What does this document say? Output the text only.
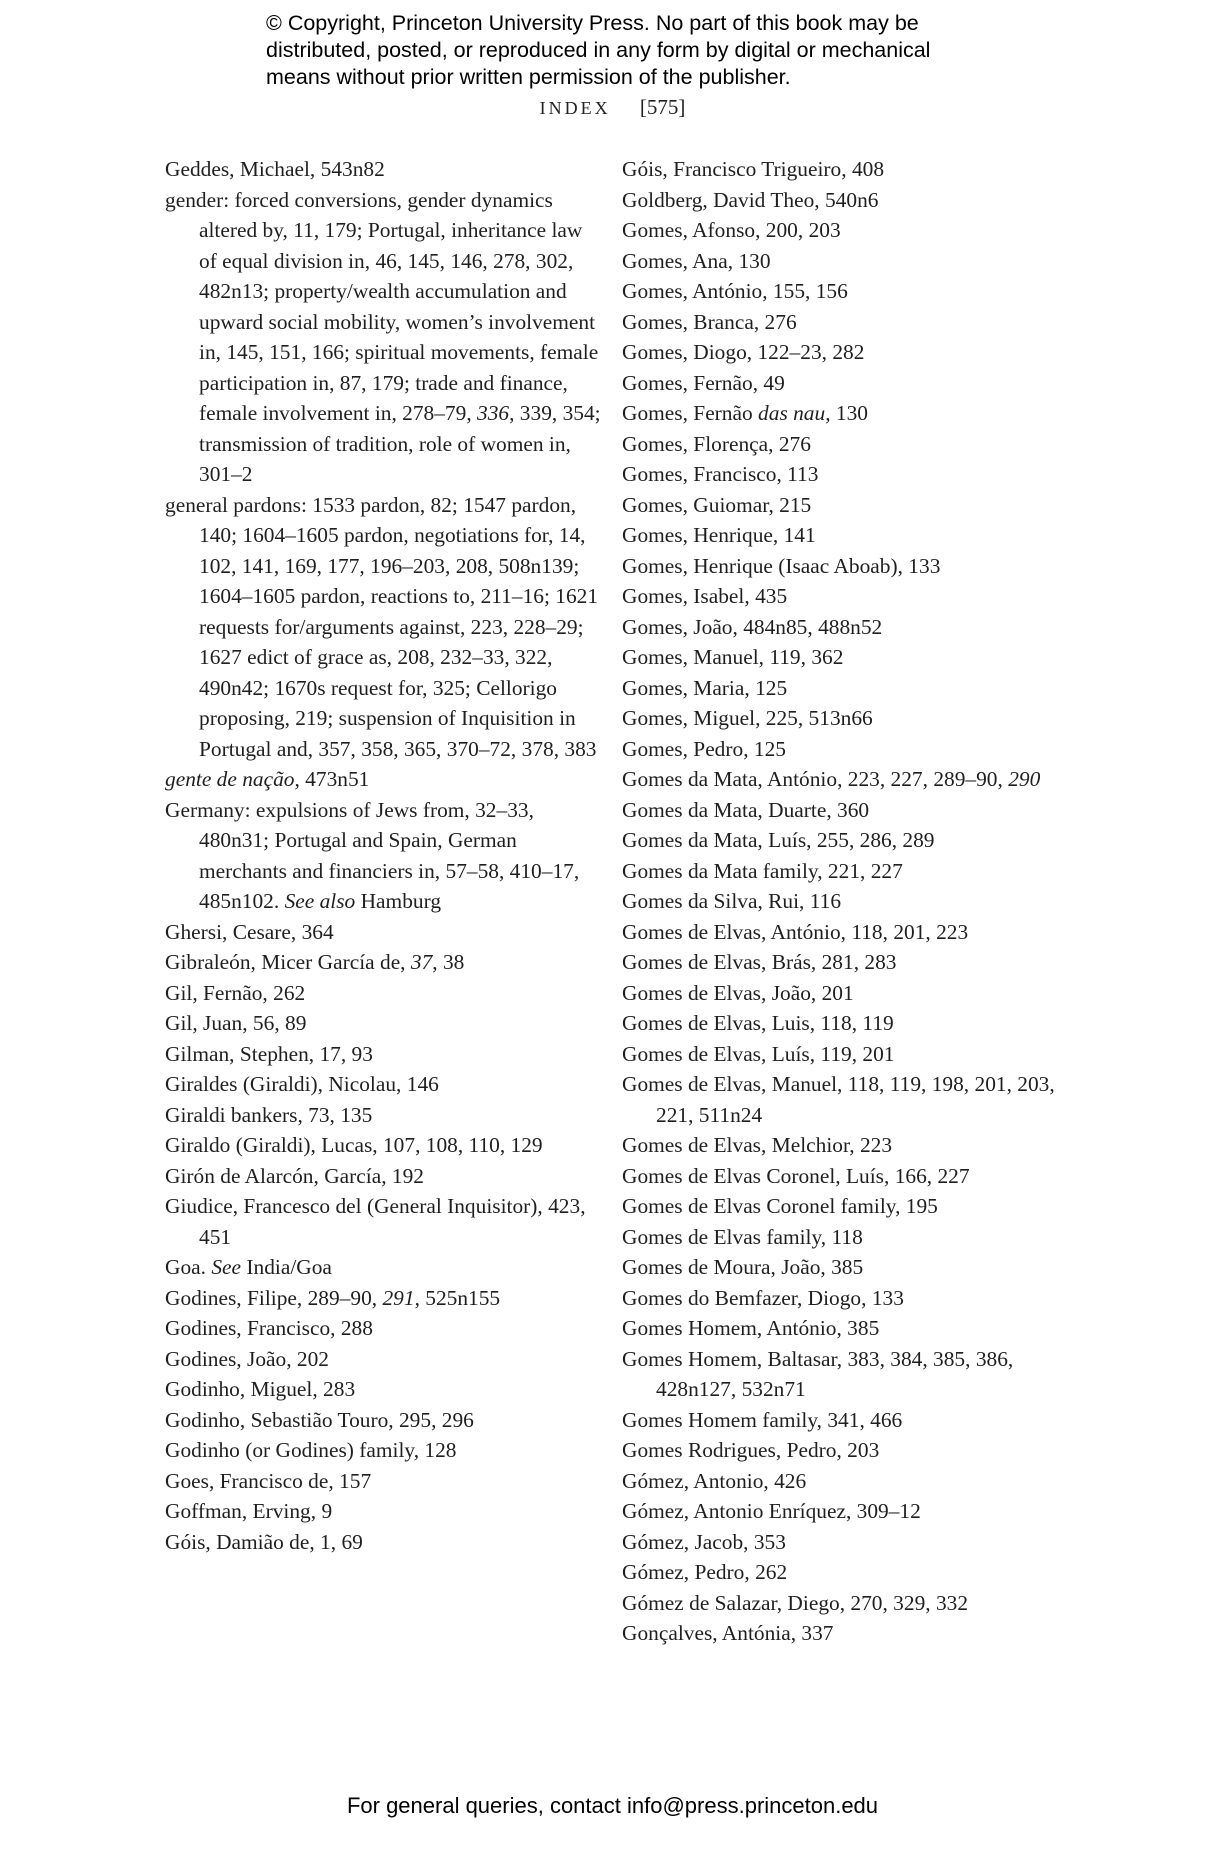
© Copyright, Princeton University Press. No part of this book may be

distributed, posted, or reproduced in any form by digital or mechanical

means without prior written permission of the publisher.

INDEX [575]

Geddes, Michael, 543n82

gender: forced conversions, gender dynamics altered by, 11, 179; Portugal, inheritance law of equal division in, 46, 145, 146, 278, 302, 482n13; property/wealth accumulation and upward social mobility, women’s involvement in, 145, 151, 166; spiritual movements, female participation in, 87, 179; trade and finance, female involvement in, 278–79, 336, 339, 354; transmission of tradition, role of women in, 301–2

general pardons: 1533 pardon, 82; 1547 pardon, 140; 1604–1605 pardon, negotiations for, 14, 102, 141, 169, 177, 196–203, 208, 508n139; 1604–1605 pardon, reactions to, 211–16; 1621 requests for/arguments against, 223, 228–29; 1627 edict of grace as, 208, 232–33, 322, 490n42; 1670s request for, 325; Cellorigo proposing, 219; suspension of Inquisition in Portugal and, 357, 358, 365, 370–72, 378, 383

gente de nação, 473n51

Germany: expulsions of Jews from, 32–33, 480n31; Portugal and Spain, German merchants and financiers in, 57–58, 410–17, 485n102. See also Hamburg

Ghersi, Cesare, 364

Gibraleón, Micer García de, 37, 38

Gil, Fernão, 262

Gil, Juan, 56, 89

Gilman, Stephen, 17, 93

Giraldes (Giraldi), Nicolau, 146

Giraldi bankers, 73, 135

Giraldo (Giraldi), Lucas, 107, 108, 110, 129

Girón de Alarcón, García, 192

Giudice, Francesco del (General Inquisitor), 423, 451

Goa. See India/Goa

Godines, Filipe, 289–90, 291, 525n155

Godines, Francisco, 288

Godines, João, 202

Godinho, Miguel, 283

Godinho, Sebastião Touro, 295, 296

Godinho (or Godines) family, 128

Goes, Francisco de, 157

Goffman, Erving, 9

Góis, Damião de, 1, 69

Góis, Francisco Trigueiro, 408

Goldberg, David Theo, 540n6

Gomes, Afonso, 200, 203

Gomes, Ana, 130

Gomes, António, 155, 156

Gomes, Branca, 276

Gomes, Diogo, 122–23, 282

Gomes, Fernão, 49

Gomes, Fernão das nau, 130

Gomes, Florença, 276

Gomes, Francisco, 113

Gomes, Guiomar, 215

Gomes, Henrique, 141

Gomes, Henrique (Isaac Aboab), 133

Gomes, Isabel, 435

Gomes, João, 484n85, 488n52

Gomes, Manuel, 119, 362

Gomes, Maria, 125

Gomes, Miguel, 225, 513n66

Gomes, Pedro, 125

Gomes da Mata, António, 223, 227, 289–90, 290

Gomes da Mata, Duarte, 360

Gomes da Mata, Luís, 255, 286, 289

Gomes da Mata family, 221, 227

Gomes da Silva, Rui, 116

Gomes de Elvas, António, 118, 201, 223

Gomes de Elvas, Brás, 281, 283

Gomes de Elvas, João, 201

Gomes de Elvas, Luis, 118, 119

Gomes de Elvas, Luís, 119, 201

Gomes de Elvas, Manuel, 118, 119, 198, 201, 203, 221, 511n24

Gomes de Elvas, Melchior, 223

Gomes de Elvas Coronel, Luís, 166, 227

Gomes de Elvas Coronel family, 195

Gomes de Elvas family, 118

Gomes de Moura, João, 385

Gomes do Bemfazer, Diogo, 133

Gomes Homem, António, 385

Gomes Homem, Baltasar, 383, 384, 385, 386, 428n127, 532n71

Gomes Homem family, 341, 466

Gomes Rodrigues, Pedro, 203

Gómez, Antonio, 426

Gómez, Antonio Enríquez, 309–12

Gómez, Jacob, 353

Gómez, Pedro, 262

Gómez de Salazar, Diego, 270, 329, 332

Gonçalves, Antónia, 337

For general queries, contact info@press.princeton.edu
